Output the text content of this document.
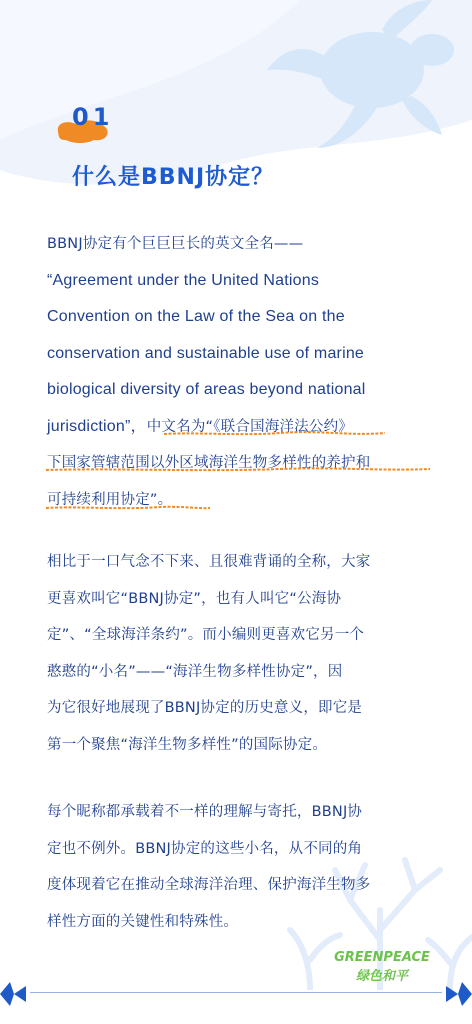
01
什么是BBNJ协定？
BBNJ协定有个巨巨巨长的英文全名——
“Agreement under the United Nations
Convention on the Law of the Sea on the
conservation and sustainable use of marine
biological diversity of areas beyond national
jurisdiction”，中文名为“《联合国海洋法公约》
下国家管辖范围以外区域海洋生物多样性的养护和
可持续利用协定”。
相比于一口气念不下来、且很难背诵的全称，大家
更喜欢叫它“BBNJ协定”，也有人叫它“公海协
定”、“全球海洋条约”。而小编则更喜欢它另一个
憨憨的“小名”——“海洋生物多样性协定”，因
为它很好地展现了BBNJ协定的历史意义，即它是
第一个聚焦“海洋生物多样性”的国际协定。
每个昵称都承载着不一样的理解与寄托，BBNJ协
定也不例外。BBNJ协定的这些小名，从不同的角
度体现着它在推动全球海洋治理、保护海洋生物多
样性方面的关键性和特殊性。
GREENPEACE
绿色和平
